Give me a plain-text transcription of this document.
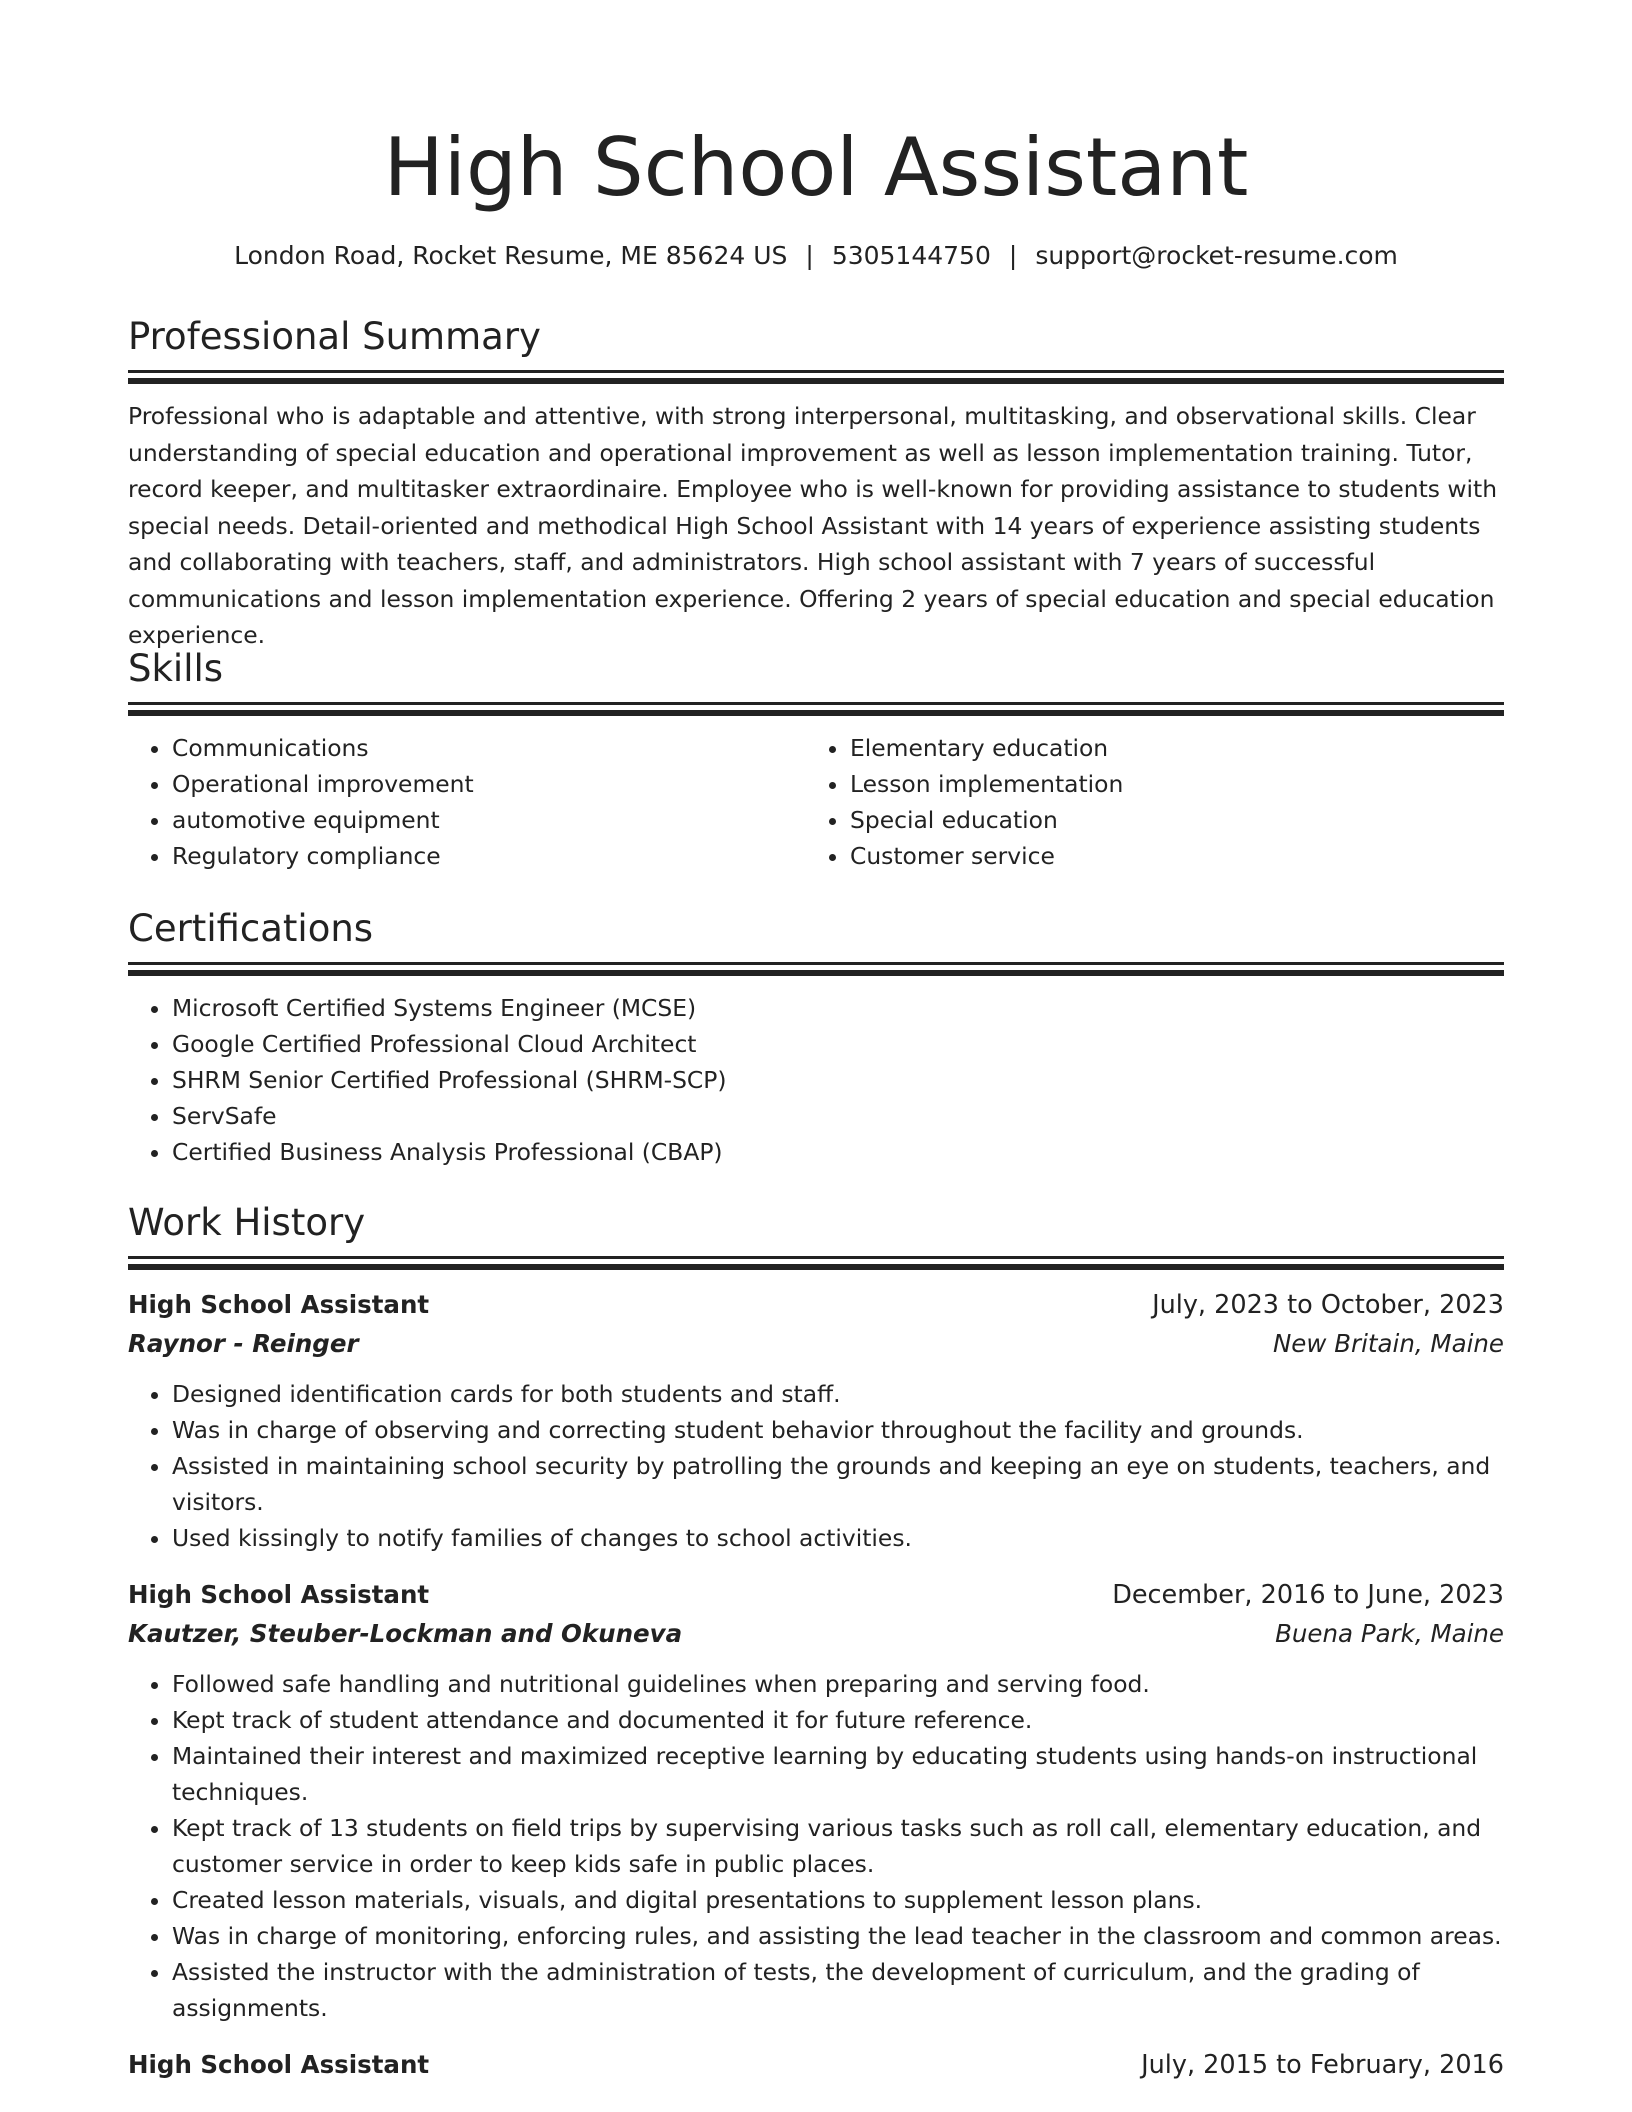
High School Assistant
London Road, Rocket Resume, ME 85624 US | 5305144750 | support@rocket-resume.com
Professional Summary

Professional who is adaptable and attentive, with strong interpersonal, multitasking, and observational skills. Clear understanding of special education and operational improvement as well as lesson implementation training. Tutor, record keeper, and multitasker extraordinaire. Employee who is well-known for providing assistance to students with special needs. Detail-oriented and methodical High School Assistant with 14 years of experience assisting students and collaborating with teachers, staff, and administrators. High school assistant with 7 years of successful communications and lesson implementation experience. Offering 2 years of special education and special education experience.

Skills
• Communications
• Operational improvement
• automotive equipment
• Regulatory compliance
• Elementary education
• Lesson implementation
• Special education
• Customer service
Certifications
• Microsoft Certified Systems Engineer (MCSE)
• Google Certified Professional Cloud Architect
• SHRM Senior Certified Professional (SHRM-SCP)
• ServSafe
• Certified Business Analysis Professional (CBAP)
Work History
High School Assistant	July, 2023 to October, 2023
Raynor - Reinger	New Britain, Maine
• Designed identification cards for both students and staff.
• Was in charge of observing and correcting student behavior throughout the facility and grounds.
• Assisted in maintaining school security by patrolling the grounds and keeping an eye on students, teachers, and visitors.
• Used kissingly to notify families of changes to school activities.
High School Assistant	December, 2016 to June, 2023
Kautzer, Steuber-Lockman and Okuneva	Buena Park, Maine
• Followed safe handling and nutritional guidelines when preparing and serving food.
• Kept track of student attendance and documented it for future reference.
• Maintained their interest and maximized receptive learning by educating students using hands-on instructional techniques.
• Kept track of 13 students on field trips by supervising various tasks such as roll call, elementary education, and customer service in order to keep kids safe in public places.
• Created lesson materials, visuals, and digital presentations to supplement lesson plans.
• Was in charge of monitoring, enforcing rules, and assisting the lead teacher in the classroom and common areas.
• Assisted the instructor with the administration of tests, the development of curriculum, and the grading of assignments.
High School Assistant	July, 2015 to February, 2016
